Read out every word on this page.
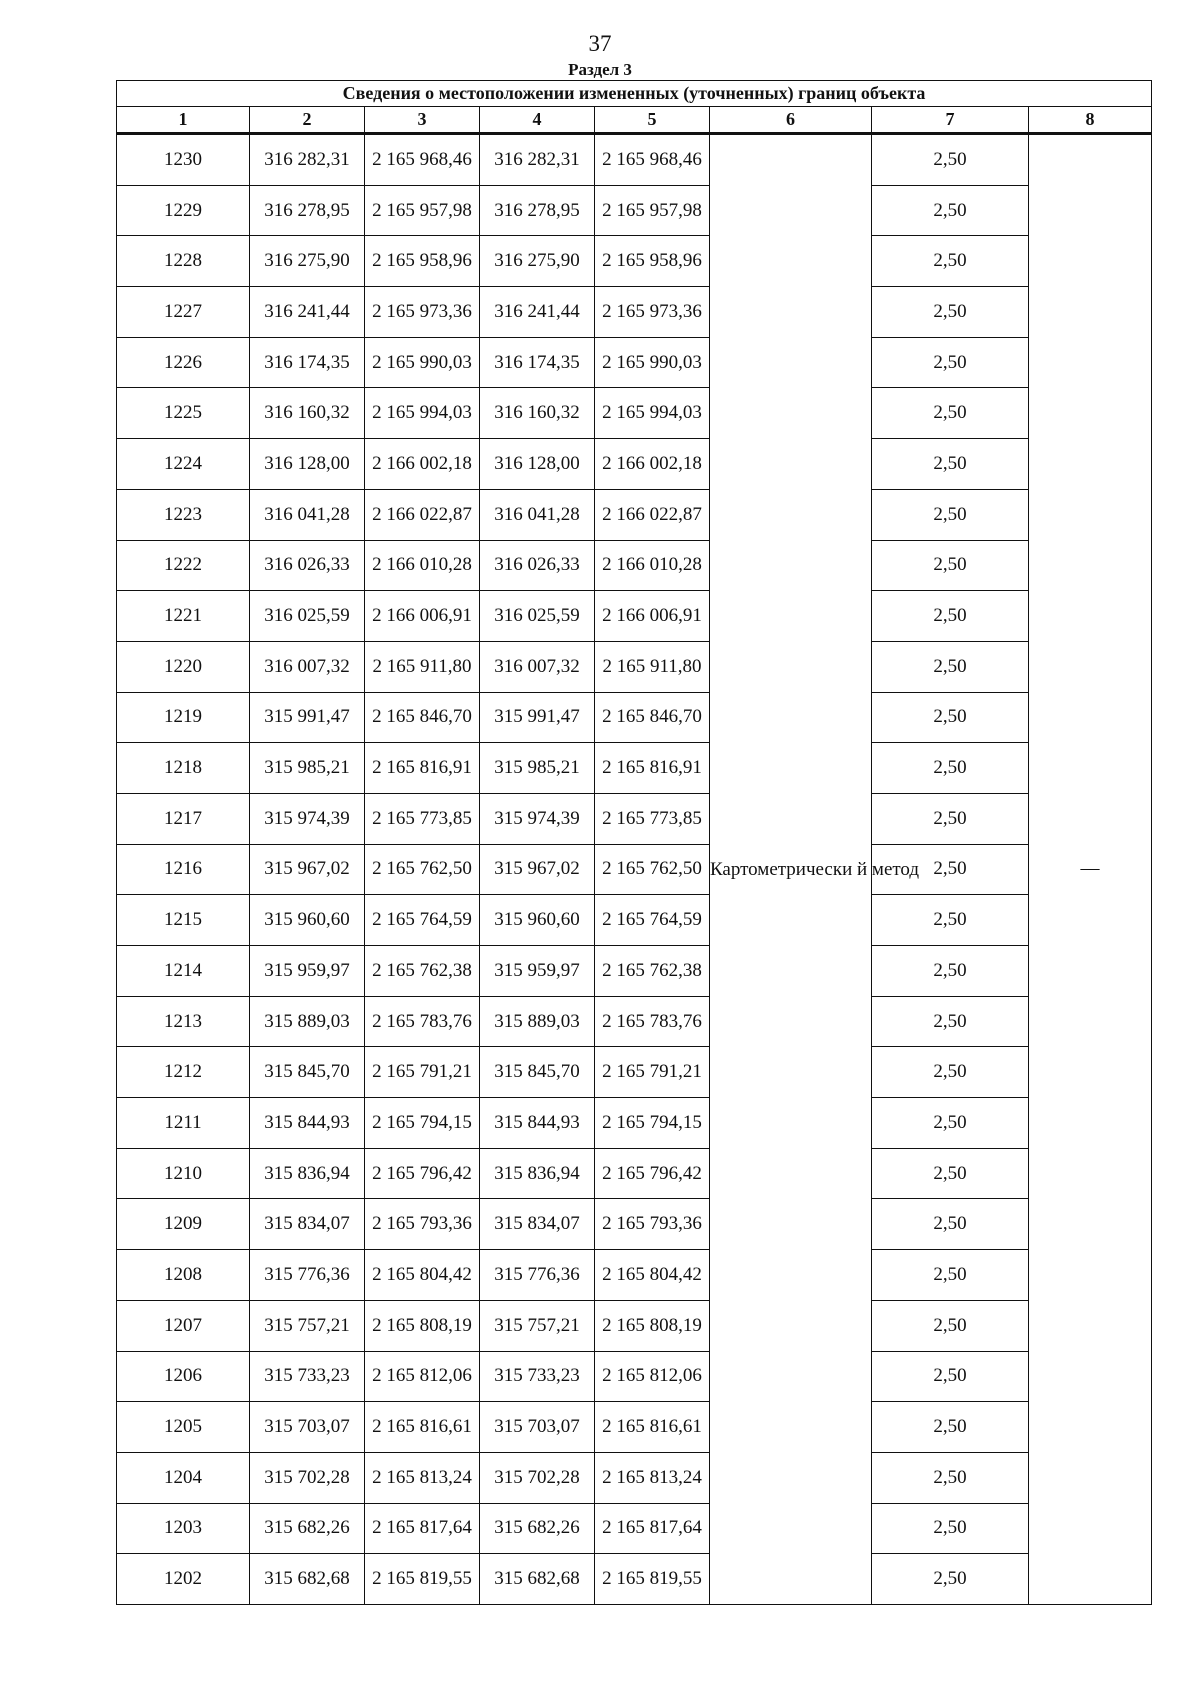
37
Раздел 3
Сведения о местоположении измененных (уточненных) границ объекта							
1	2	3	4	5	6	7	8
1230	316 282,31	2 165 968,46	316 282,31	2 165 968,46	Картометрически й метод	2,50	—
1229	316 278,95	2 165 957,98	316 278,95	2 165 957,98		2,50	
1228	316 275,90	2 165 958,96	316 275,90	2 165 958,96		2,50	
1227	316 241,44	2 165 973,36	316 241,44	2 165 973,36		2,50	
1226	316 174,35	2 165 990,03	316 174,35	2 165 990,03		2,50	
1225	316 160,32	2 165 994,03	316 160,32	2 165 994,03		2,50	
1224	316 128,00	2 166 002,18	316 128,00	2 166 002,18		2,50	
1223	316 041,28	2 166 022,87	316 041,28	2 166 022,87		2,50	
1222	316 026,33	2 166 010,28	316 026,33	2 166 010,28		2,50	
1221	316 025,59	2 166 006,91	316 025,59	2 166 006,91		2,50	
1220	316 007,32	2 165 911,80	316 007,32	2 165 911,80		2,50	
1219	315 991,47	2 165 846,70	315 991,47	2 165 846,70		2,50	
1218	315 985,21	2 165 816,91	315 985,21	2 165 816,91		2,50	
1217	315 974,39	2 165 773,85	315 974,39	2 165 773,85		2,50	
1216	315 967,02	2 165 762,50	315 967,02	2 165 762,50		2,50	
1215	315 960,60	2 165 764,59	315 960,60	2 165 764,59		2,50	
1214	315 959,97	2 165 762,38	315 959,97	2 165 762,38		2,50	
1213	315 889,03	2 165 783,76	315 889,03	2 165 783,76		2,50	
1212	315 845,70	2 165 791,21	315 845,70	2 165 791,21		2,50	
1211	315 844,93	2 165 794,15	315 844,93	2 165 794,15		2,50	
1210	315 836,94	2 165 796,42	315 836,94	2 165 796,42		2,50	
1209	315 834,07	2 165 793,36	315 834,07	2 165 793,36		2,50	
1208	315 776,36	2 165 804,42	315 776,36	2 165 804,42		2,50	
1207	315 757,21	2 165 808,19	315 757,21	2 165 808,19		2,50	
1206	315 733,23	2 165 812,06	315 733,23	2 165 812,06		2,50	
1205	315 703,07	2 165 816,61	315 703,07	2 165 816,61		2,50	
1204	315 702,28	2 165 813,24	315 702,28	2 165 813,24		2,50	
1203	315 682,26	2 165 817,64	315 682,26	2 165 817,64		2,50	
1202	315 682,68	2 165 819,55	315 682,68	2 165 819,55		2,50	
